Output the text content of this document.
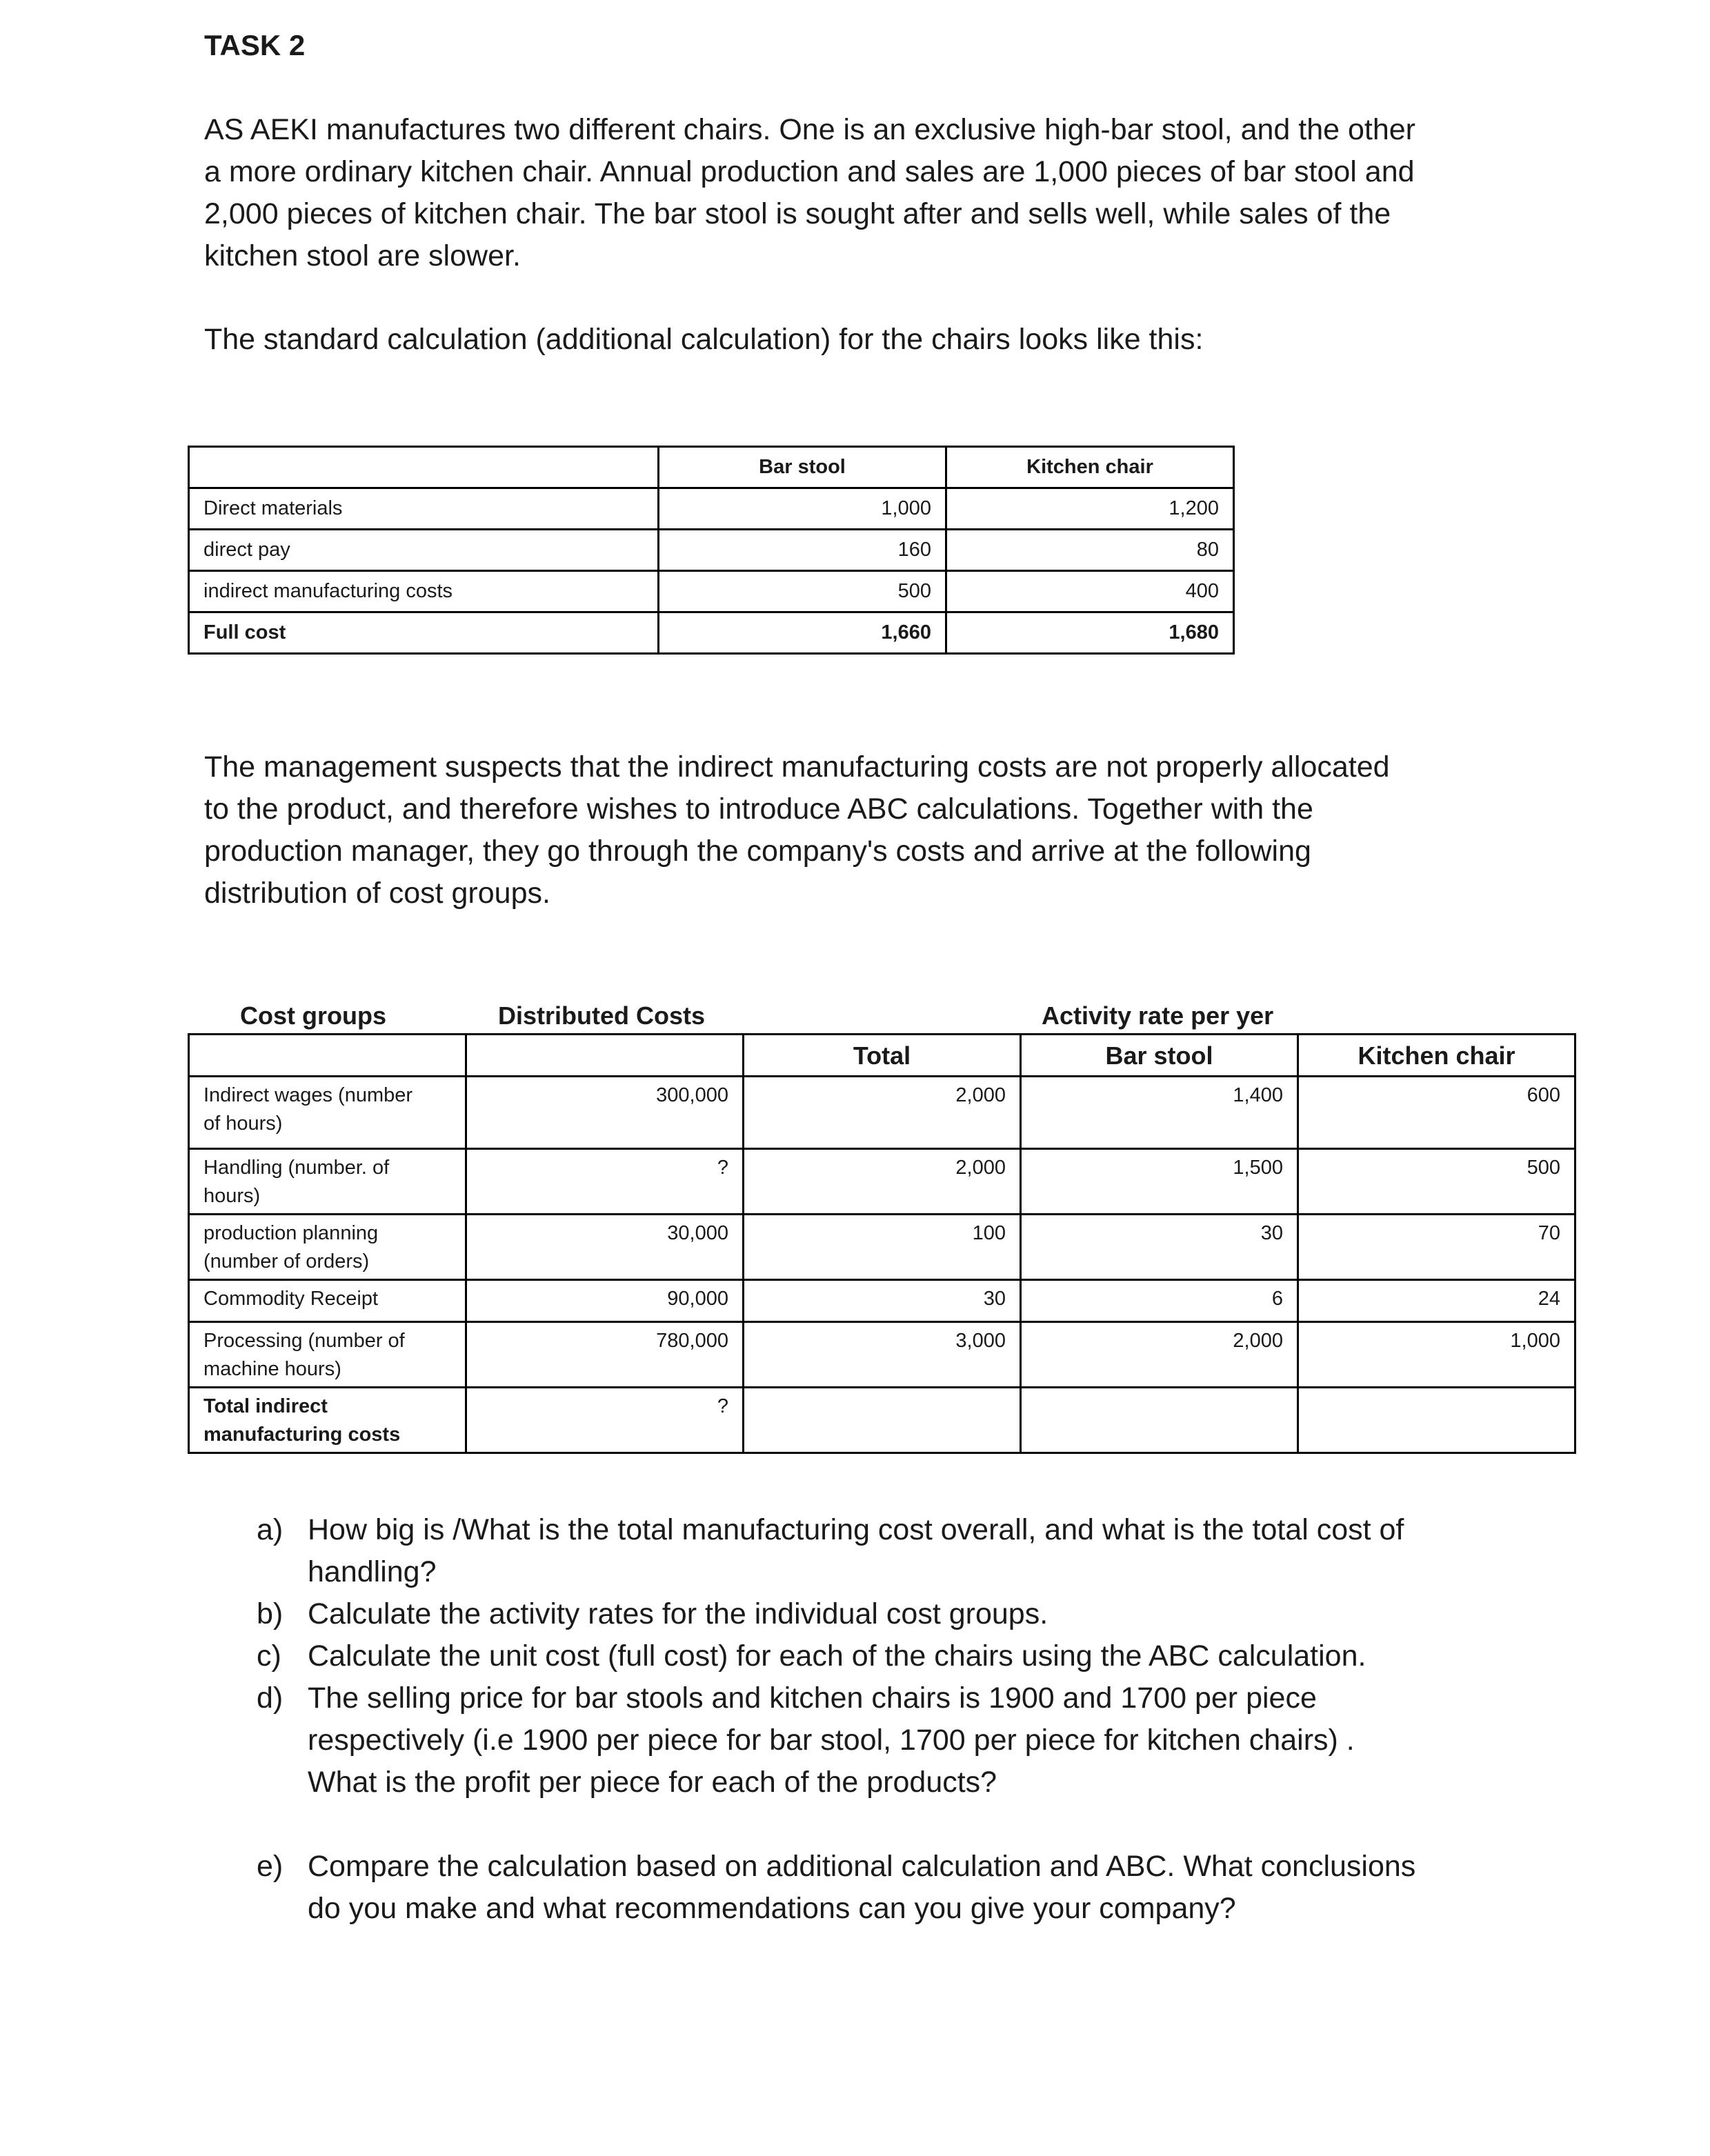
TASK 2

AS AEKI manufactures two different chairs. One is an exclusive high-bar stool, and the other

a more ordinary kitchen chair. Annual production and sales are 1,000 pieces of bar stool and

2,000 pieces of kitchen chair. The bar stool is sought after and sells well, while sales of the

kitchen stool are slower.

The standard calculation (additional calculation) for the chairs looks like this:

	Bar stool	Kitchen chair
Direct materials	1,000	1,200
direct pay	160	80
indirect manufacturing costs	500	400
Full cost	1,660	1,680

The management suspects that the indirect manufacturing costs are not properly allocated

to the product, and therefore wishes to introduce ABC calculations. Together with the

production manager, they go through the company's costs and arrive at the following

distribution of cost groups.

Cost groups	Distributed Costs	Activity rate per yer
		Total	Bar stool	Kitchen chair

Indirect wages (number
of hours)	300,000	2,000	1,400	600

Handling (number. of
hours)	?	2,000	1,500	500

production planning
(number of orders)	30,000	100	30	70

Commodity Receipt	90,000	30	6	24

Processing (number of
machine hours)	780,000	3,000	2,000	1,000

Total indirect
manufacturing costs	?			
a) How big is /What is the total manufacturing cost overall, and what is the total cost of

handling?

b) Calculate the activity rates for the individual cost groups.

c) Calculate the unit cost (full cost) for each of the chairs using the ABC calculation.

d) The selling price for bar stools and kitchen chairs is 1900 and 1700 per piece

respectively (i.e 1900 per piece for bar stool, 1700 per piece for kitchen chairs) .

What is the profit per piece for each of the products?

e) Compare the calculation based on additional calculation and ABC. What conclusions

do you make and what recommendations can you give your company?
